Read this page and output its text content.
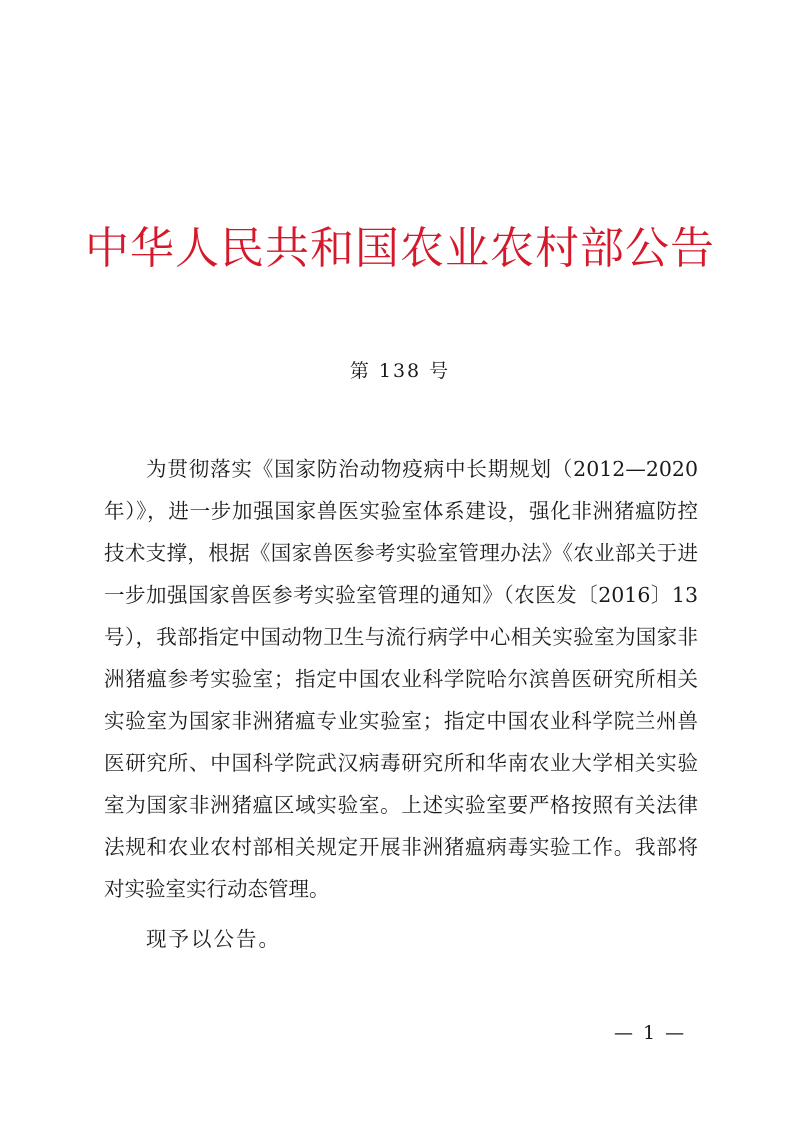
中华人民共和国农业农村部公告
第 138 号
为贯彻落实《国家防治动物疫病中长期规划（2012—2020
年）》，进一步加强国家兽医实验室体系建设，强化非洲猪瘟防控
技术支撑，根据《国家兽医参考实验室管理办法》《农业部关于进
一步加强国家兽医参考实验室管理的通知》（农医发〔2016〕13
号），我部指定中国动物卫生与流行病学中心相关实验室为国家非
洲猪瘟参考实验室；指定中国农业科学院哈尔滨兽医研究所相关
实验室为国家非洲猪瘟专业实验室；指定中国农业科学院兰州兽
医研究所、中国科学院武汉病毒研究所和华南农业大学相关实验
室为国家非洲猪瘟区域实验室。上述实验室要严格按照有关法律
法规和农业农村部相关规定开展非洲猪瘟病毒实验工作。我部将
对实验室实行动态管理。
现予以公告。
— 1 —
